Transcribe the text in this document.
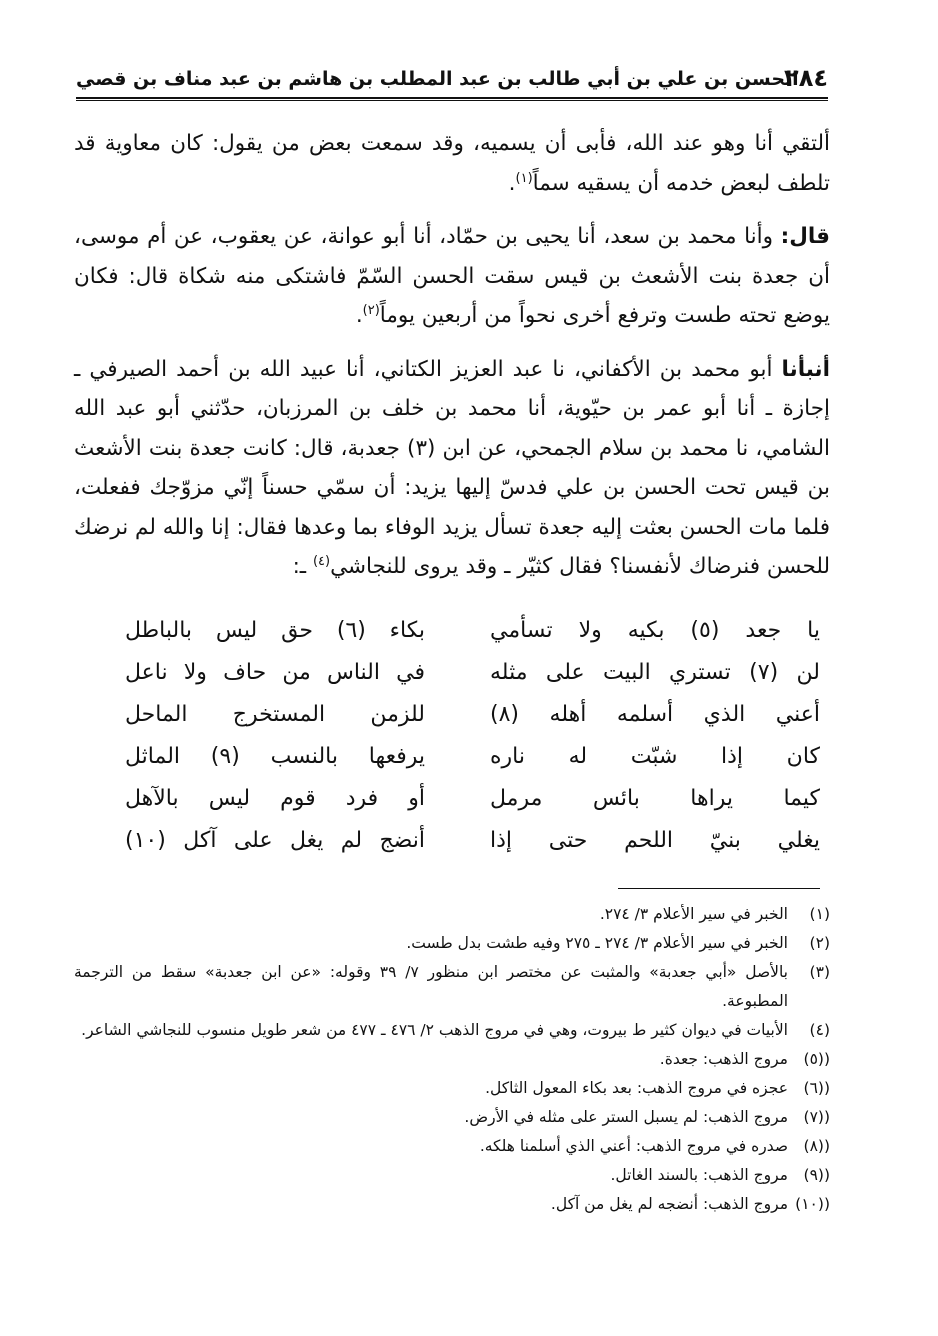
٢٨٤
الحسن بن علي بن أبي طالب بن عبد المطلب بن هاشم بن عبد مناف بن قصي

ألتقي أنا وهو عند الله، فأبى أن يسميه، وقد سمعت بعض من يقول: كان معاوية قد تلطف لبعض خدمه أن يسقيه سماً$^{(١)}$.

قال: وأنا محمد بن سعد، أنا يحيى بن حمّاد، أنا أبو عوانة، عن يعقوب، عن أم موسى، أن جعدة بنت الأشعث بن قيس سقت الحسن السّمّ فاشتكى منه شكاة قال: فكان يوضع تحته طست وترفع أخرى نحواً من أربعين يوماً$^{(٢)}$.

أنبأنا أبو محمد بن الأكفاني، نا عبد العزيز الكتاني، أنا عبيد الله بن أحمد الصيرفي ـ إجازة ـ أنا أبو عمر بن حيّوية، أنا محمد بن خلف بن المرزبان، حدّثني أبو عبد الله الشامي، نا محمد بن سلام الجمحي، عن ابن (٣) جعدبة، قال: كانت جعدة بنت الأشعث بن قيس تحت الحسن بن علي فدسّ إليها يزيد: أن سمّي حسناً إنّي مزوّجك ففعلت، فلما مات الحسن بعثت إليه جعدة تسأل يزيد الوفاء بما وعدها فقال: إنا والله لم نرضك للحسن فنرضاك لأنفسنا؟ فقال كثيّر ـ وقد يروى للنجاشي$^{(٤)}$ ـ:

يا جعد (٥) بكيه ولا تسأمي
بكاء (٦) حق ليس بالباطل
لن (٧) تستري البيت على مثله
في الناس من حاف ولا ناعل
أعني الذي أسلمه أهله (٨)
للزمن المستخرج الماحل
كان إذا شبّت له ناره
يرفعها بالنسب (٩) الماثل
كيما يراها بائس مرمل
أو فرد قوم ليس بالآهل
يغلي بنيّ اللحم حتى إذا
أنضج لم يغل على آكل (١٠)
(١)
الخبر في سير الأعلام ٣/ ٢٧٤.
(٢)
الخبر في سير الأعلام ٣/ ٢٧٤ ـ ٢٧٥ وفيه طشت بدل طست.
(٣)
بالأصل «أبي جعدبة» والمثبت عن مختصر ابن منظور ٧/ ٣٩ وقوله: «عن ابن جعدبة» سقط من الترجمة المطبوعة.
(٤)
الأبيات في ديوان كثير ط بيروت، وهي في مروج الذهب ٢/ ٤٧٦ ـ ٤٧٧ من شعر طويل منسوب للنجاشي الشاعر.
((٥)
مروج الذهب: جعدة.
((٦)
عجزه في مروج الذهب: بعد بكاء المعول الثاكل.
((٧)
مروج الذهب: لم يسبل الستر على مثله في الأرض.
((٨)
صدره في مروج الذهب: أعني الذي أسلمنا هلكه.
((٩)
مروج الذهب: بالسند الغاتل.
((١٠)
مروج الذهب: أنضجه لم يغل من آكل.
